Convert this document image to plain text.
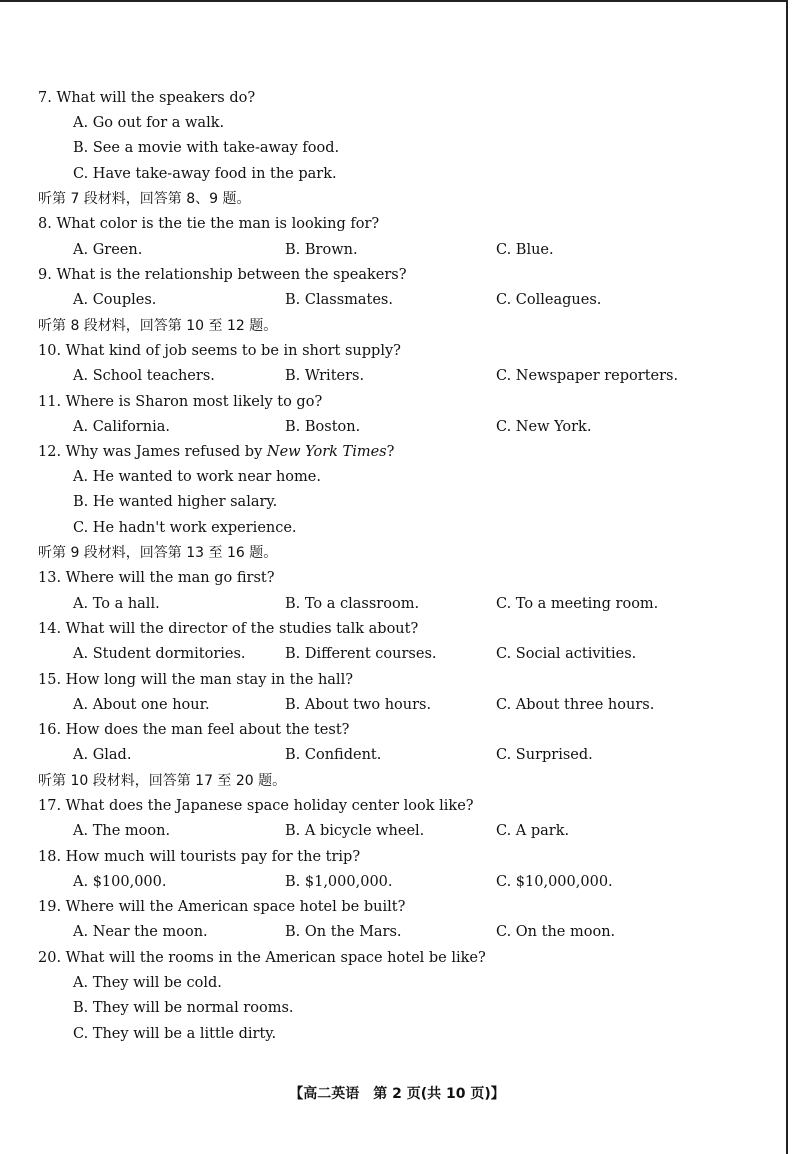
7. What will the speakers do?
A. Go out for a walk.
B. See a movie with take-away food.
C. Have take-away food in the park.
听第 7 段材料，回答第 8、9 题。
8. What color is the tie the man is looking for?
A. Green.	B. Brown.	C. Blue.
9. What is the relationship between the speakers?
A. Couples.	B. Classmates.	C. Colleagues.
听第 8 段材料，回答第 10 至 12 题。
10. What kind of job seems to be in short supply?
A. School teachers.	B. Writers.	C. Newspaper reporters.
11. Where is Sharon most likely to go?
A. California.	B. Boston.	C. New York.
12. Why was James refused by New York Times?
A. He wanted to work near home.
B. He wanted higher salary.
C. He hadn't work experience.
听第 9 段材料，回答第 13 至 16 题。
13. Where will the man go first?
A. To a hall.	B. To a classroom.	C. To a meeting room.
14. What will the director of the studies talk about?
A. Student dormitories.	B. Different courses.	C. Social activities.
15. How long will the man stay in the hall?
A. About one hour.	B. About two hours.	C. About three hours.
16. How does the man feel about the test?
A. Glad.	B. Confident.	C. Surprised.
听第 10 段材料，回答第 17 至 20 题。
17. What does the Japanese space holiday center look like?
A. The moon.	B. A bicycle wheel.	C. A park.
18. How much will tourists pay for the trip?
A. $100,000.	B. $1,000,000.	C. $10,000,000.
19. Where will the American space hotel be built?
A. Near the moon.	B. On the Mars.	C. On the moon.
20. What will the rooms in the American space hotel be like?
A. They will be cold.
B. They will be normal rooms.
C. They will be a little dirty.
【高二英语　第 2 页(共 10 页)】
